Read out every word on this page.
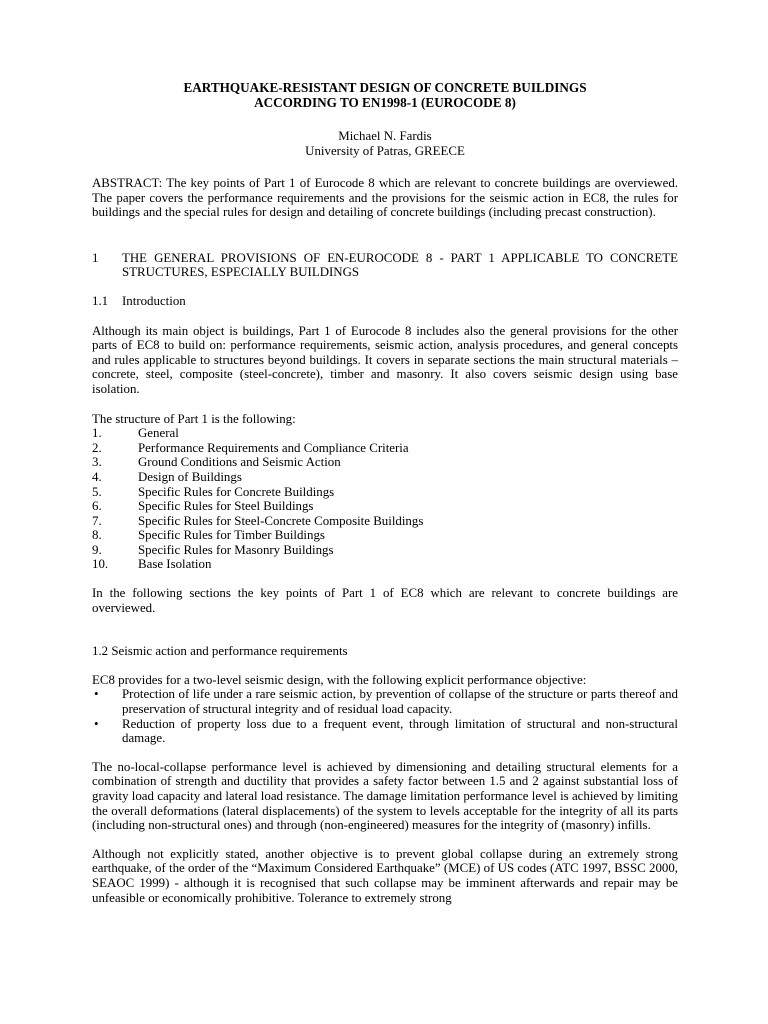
EARTHQUAKE-RESISTANT DESIGN OF CONCRETE BUILDINGS

ACCORDING TO EN1998-1 (EUROCODE 8)

Michael N. Fardis
University of Patras, GREECE

ABSTRACT: The key points of Part 1 of Eurocode 8 which are relevant to concrete buildings are overviewed. The paper covers the performance requirements and the provisions for the seismic action in EC8, the rules for buildings and the special rules for design and detailing of concrete buildings (including precast construction).

1	THE GENERAL PROVISIONS OF EN-EUROCODE 8 - PART 1 APPLICABLE TO CONCRETE STRUCTURES, ESPECIALLY BUILDINGS
1.1	Introduction

Although its main object is buildings, Part 1 of Eurocode 8 includes also the general provisions for the other parts of EC8 to build on: performance requirements, seismic action, analysis procedures, and general concepts and rules applicable to structures beyond buildings. It covers in separate sections the main structural materials – concrete, steel, composite (steel-concrete), timber and masonry. It also covers seismic design using base isolation.

The structure of Part 1 is the following:

1.	General
2.	Performance Requirements and Compliance Criteria
3.	Ground Conditions and Seismic Action
4.	Design of Buildings
5.	Specific Rules for Concrete Buildings
6.	Specific Rules for Steel Buildings
7.	Specific Rules for Steel-Concrete Composite Buildings
8.	Specific Rules for Timber Buildings
9.	Specific Rules for Masonry Buildings
10.	Base Isolation

In the following sections the key points of Part 1 of EC8 which are relevant to concrete buildings are overviewed.

1.2 Seismic action and performance requirements

EC8 provides for a two-level seismic design, with the following explicit performance objective:

•	Protection of life under a rare seismic action, by prevention of collapse of the structure or parts thereof and preservation of structural integrity and of residual load capacity.
•	Reduction of property loss due to a frequent event, through limitation of structural and non-structural damage.

The no-local-collapse performance level is achieved by dimensioning and detailing structural elements for a combination of strength and ductility that provides a safety factor between 1.5 and 2 against substantial loss of gravity load capacity and lateral load resistance. The damage limitation performance level is achieved by limiting the overall deformations (lateral displacements) of the system to levels acceptable for the integrity of all its parts (including non-structural ones) and through (non-engineered) measures for the integrity of (masonry) infills.

Although not explicitly stated, another objective is to prevent global collapse during an extremely strong earthquake, of the order of the “Maximum Considered Earthquake” (MCE) of US codes (ATC 1997, BSSC 2000, SEAOC 1999) - although it is recognised that such collapse may be imminent afterwards and repair may be unfeasible or economically prohibitive. Tolerance to extremely strong
